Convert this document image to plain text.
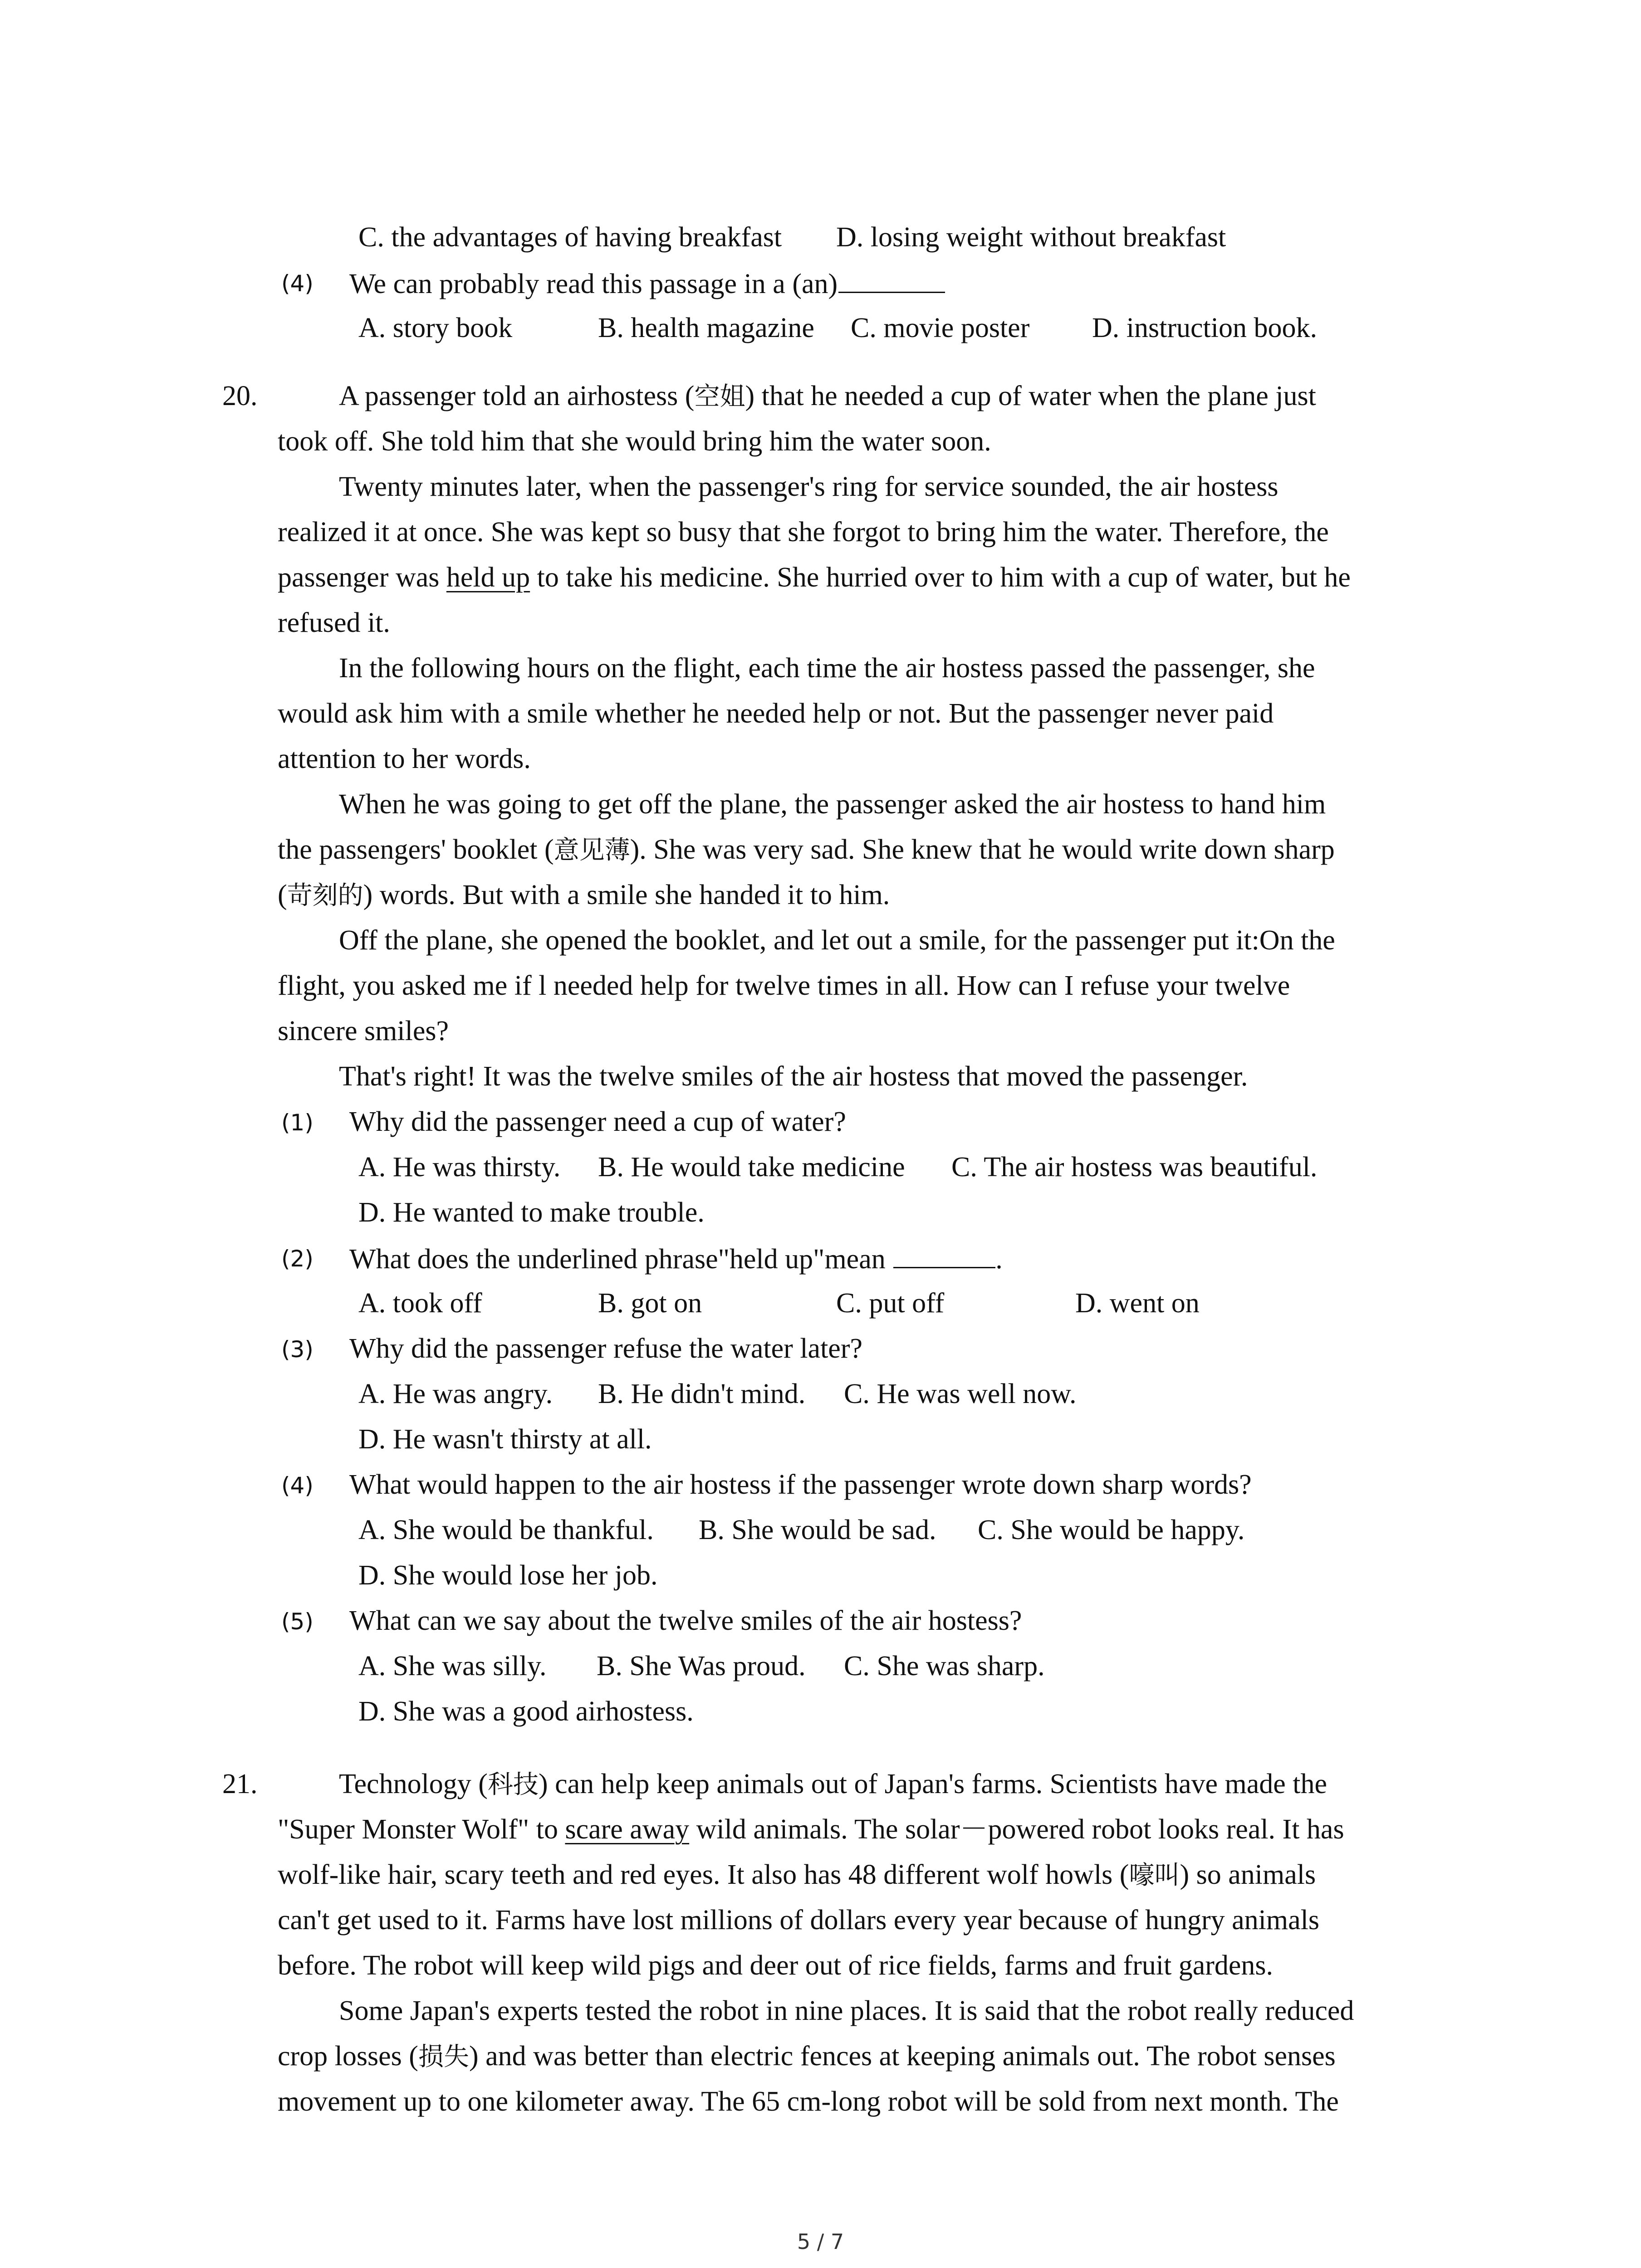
C. the advantages of having breakfast D. losing weight without breakfast
(4) We can probably read this passage in a (an)
A. story book	B. health magazine C. movie poster D. instruction book.
20.	A passenger told an airhostess (空姐) that he needed a cup of water when the plane just
took off. She told him that she would bring him the water soon.
Twenty minutes later, when the passenger's ring for service sounded, the air hostess
realized it at once. She was kept so busy that she forgot to bring him the water. Therefore, the
passenger was held up to take his medicine. She hurried over to him with a cup of water, but he
refused it.
In the following hours on the flight, each time the air hostess passed the passenger, she
would ask him with a smile whether he needed help or not. But the passenger never paid
attention to her words.
When he was going to get off the plane, the passenger asked the air hostess to hand him
the passengers' booklet (意见薄). She was very sad. She knew that he would write down sharp
(苛刻的) words. But with a smile she handed it to him.
Off the plane, she opened the booklet, and let out a smile, for the passenger put it:On the
flight, you asked me if l needed help for twelve times in all. How can I refuse your twelve
sincere smiles?
That's right! It was the twelve smiles of the air hostess that moved the passenger.
(1) Why did the passenger need a cup of water?
A. He was thirsty. B. He would take medicine C. The air hostess was beautiful.
D. He wanted to make trouble.
(2) What does the underlined phrase"held up"mean	.
A. took off	B. got on	C. put off	D. went on
(3) Why did the passenger refuse the water later?
A. He was angry. B. He didn't mind. C. He was well now.
D. He wasn't thirsty at all.
(4) What would happen to the air hostess if the passenger wrote down sharp words?
A. She would be thankful. B. She would be sad. C. She would be happy.
D. She would lose her job.
(5) What can we say about the twelve smiles of the air hostess?
A. She was silly. B. She Was proud. C. She was sharp.
D. She was a good airhostess.
21.	Technology (科技) can help keep animals out of Japan's farms. Scientists have made the
"Super Monster Wolf" to scare away wild animals. The solar－powered robot looks real. It has
wolf-like hair, scary teeth and red eyes. It also has 48 different wolf howls (嚎叫) so animals
can't get used to it. Farms have lost millions of dollars every year because of hungry animals
before. The robot will keep wild pigs and deer out of rice fields, farms and fruit gardens.
Some Japan's experts tested the robot in nine places. It is said that the robot really reduced
crop losses (损失) and was better than electric fences at keeping animals out. The robot senses
movement up to one kilometer away. The 65 cm-long robot will be sold from next month. The
5 / 7
